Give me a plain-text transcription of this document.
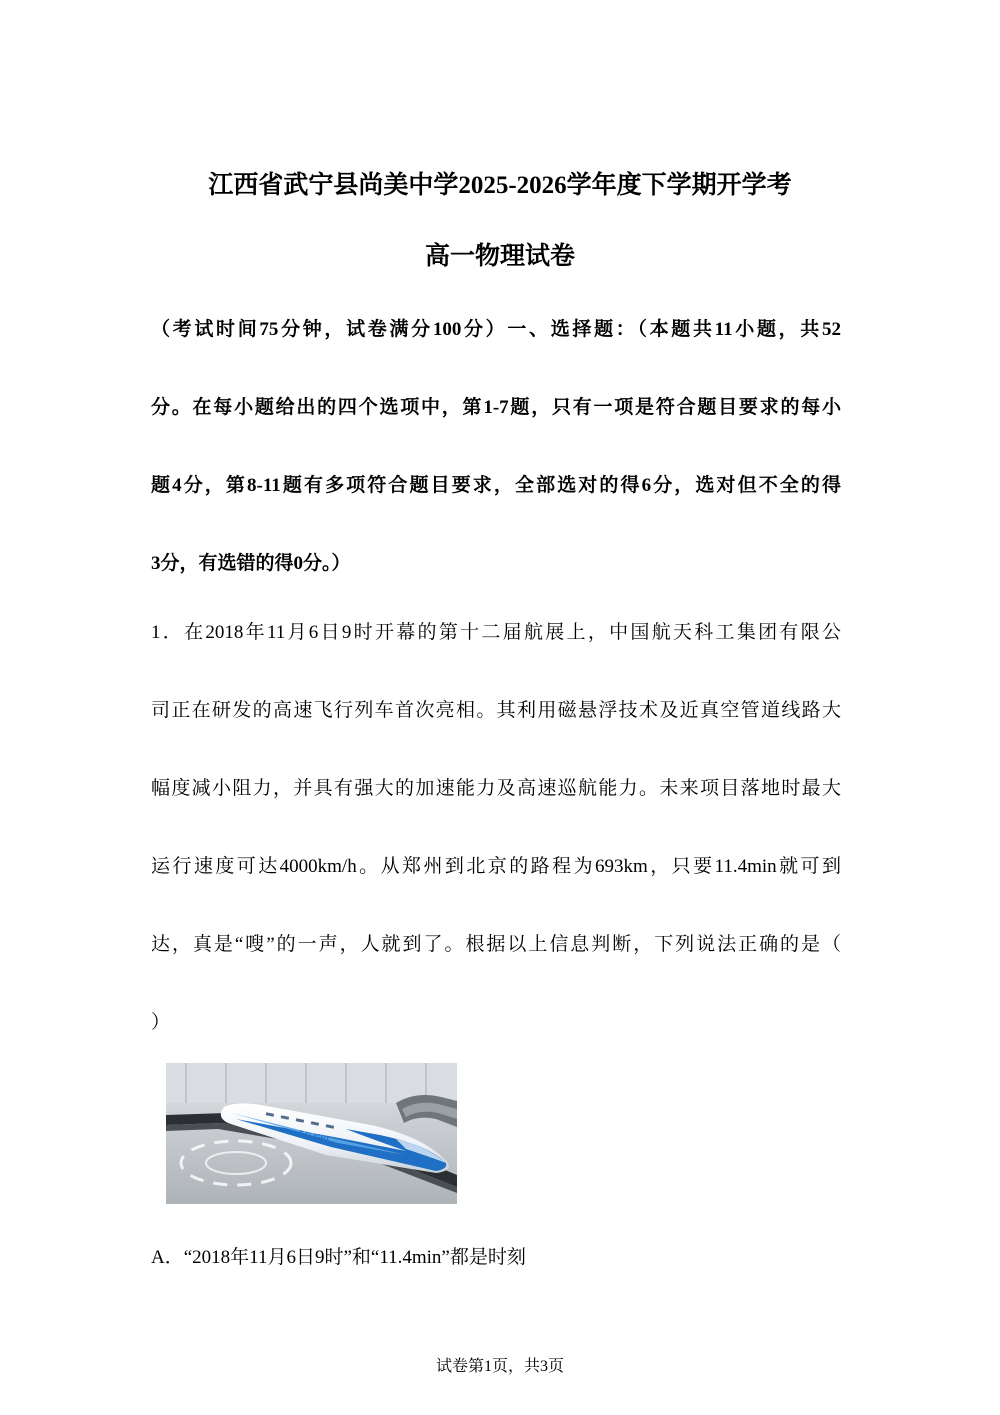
江西省武宁县尚美中学2025-2026学年度下学期开学考
高一物理试卷

（考试时间75分钟，试卷满分100分）一、选择题：（本题共11小题，共52

分。在每小题给出的四个选项中，第1-7题，只有一项是符合题目要求的每小

题4分，第8-11题有多项符合题目要求，全部选对的得6分，选对但不全的得

3分，有选错的得0分。）

1．在2018年11月6日9时开幕的第十二届航展上，中国航天科工集团有限公

司正在研发的高速飞行列车首次亮相。其利用磁悬浮技术及近真空管道线路大

幅度减小阻力，并具有强大的加速能力及高速巡航能力。未来项目落地时最大

运行速度可达4000km/h。从郑州到北京的路程为693km，只要11.4min就可到

达，真是“嗖”的一声，人就到了。根据以上信息判断，下列说法正确的是（

）

T-FLIGHT

A．“2018年11月6日9时”和“11.4min”都是时刻

试卷第1页，共3页
